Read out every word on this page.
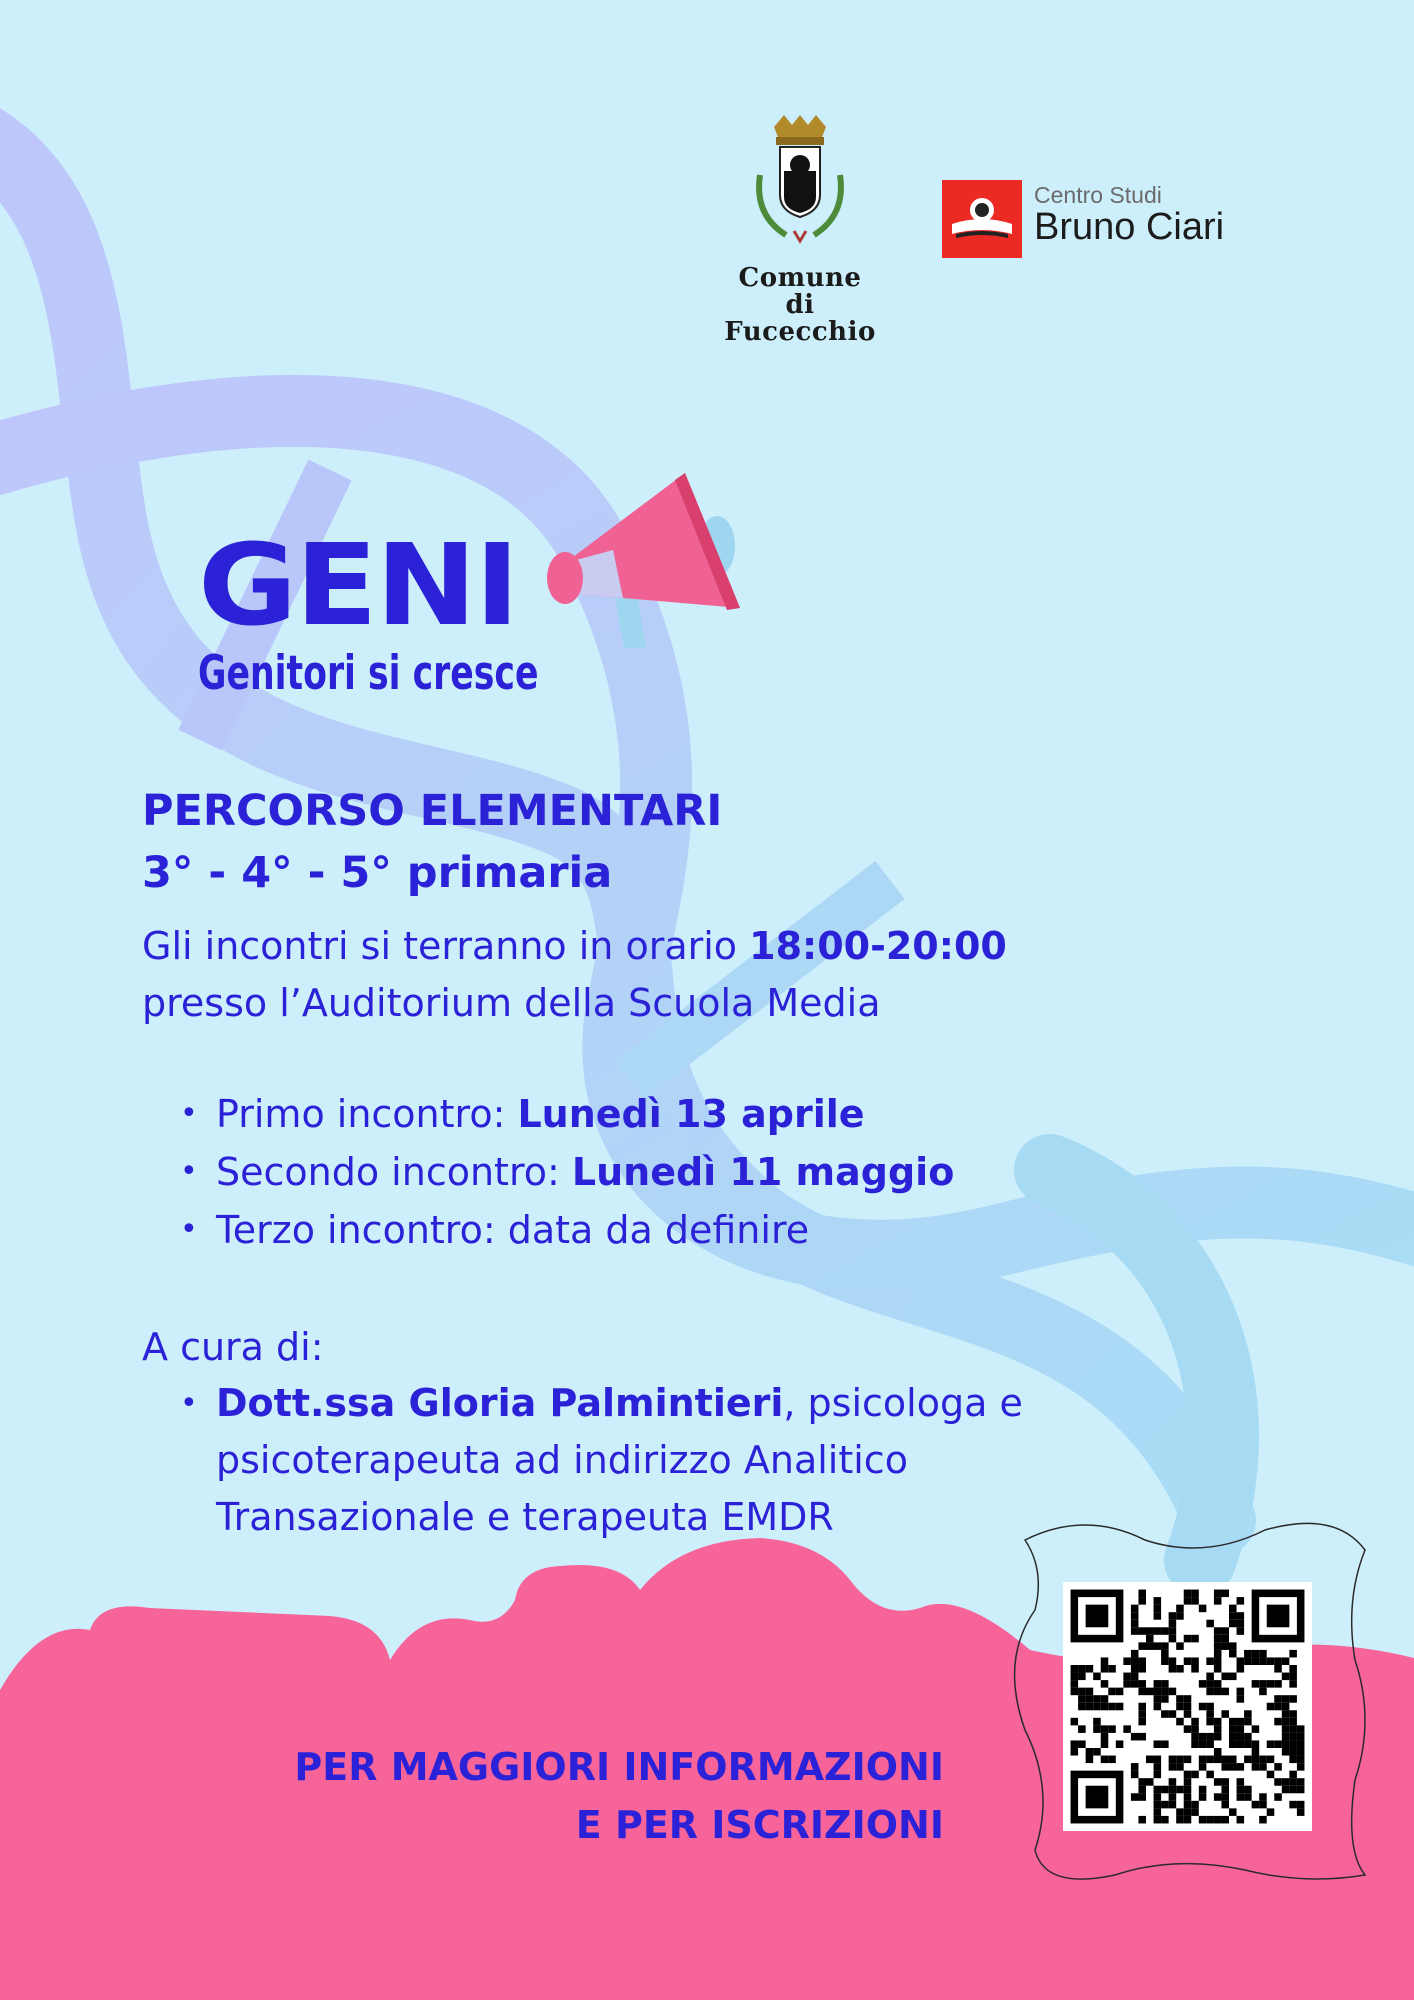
Comune di
Fucecchio
Centro Studi
Bruno Ciari
GENI
Genitori si cresce
PERCORSO ELEMENTARI
3° - 4° - 5° primaria
Gli incontri si terranno in orario 18:00-20:00
presso l’Auditorium della Scuola Media
• Primo incontro: Lunedì 13 aprile
• Secondo incontro: Lunedì 11 maggio
• Terzo incontro: data da definire
A cura di:
• Dott.ssa Gloria Palmintieri, psicologa e psicoterapeuta ad indirizzo Analitico Transazionale e terapeuta EMDR
PER MAGGIORI INFORMAZIONI
E PER ISCRIZIONI
